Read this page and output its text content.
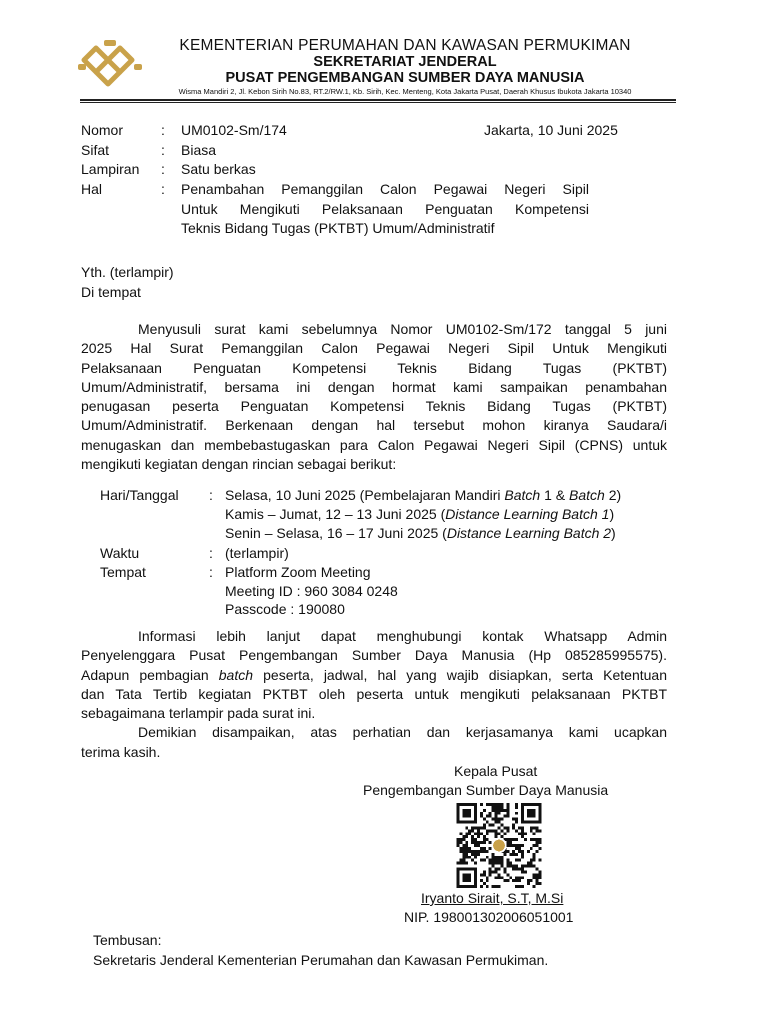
KEMENTERIAN PERUMAHAN DAN KAWASAN PERMUKIMAN
SEKRETARIAT JENDERAL
PUSAT PENGEMBANGAN SUMBER DAYA MANUSIA
Wisma Mandiri 2, Jl. Kebon Sirih No.83, RT.2/RW.1, Kb. Sirih, Kec. Menteng, Kota Jakarta Pusat, Daerah Khusus Ibukota Jakarta 10340
Nomor	: UM0102-Sm/174	Jakarta, 10 Juni 2025
Sifat	: Biasa
Lampiran : Satu berkas
Hal	: Penambahan Pemanggilan Calon Pegawai Negeri Sipil
Untuk Mengikuti Pelaksanaan Penguatan Kompetensi
Teknis Bidang Tugas (PKTBT) Umum/Administratif
Yth. (terlampir)
Di tempat
Menyusuli surat kami sebelumnya Nomor UM0102-Sm/172 tanggal 5 juni
2025 Hal Surat Pemanggilan Calon Pegawai Negeri Sipil Untuk Mengikuti
Pelaksanaan Penguatan Kompetensi Teknis Bidang Tugas (PKTBT)
Umum/Administratif, bersama ini dengan hormat kami sampaikan penambahan
penugasan peserta Penguatan Kompetensi Teknis Bidang Tugas (PKTBT)
Umum/Administratif. Berkenaan dengan hal tersebut mohon kiranya Saudara/i
menugaskan dan membebastugaskan para Calon Pegawai Negeri Sipil (CPNS) untuk
mengikuti kegiatan dengan rincian sebagai berikut:
Hari/Tanggal : Selasa, 10 Juni 2025 (Pembelajaran Mandiri Batch 1 & Batch 2)
Kamis – Jumat, 12 – 13 Juni 2025 (Distance Learning Batch 1)
Senin – Selasa, 16 – 17 Juni 2025 (Distance Learning Batch 2)
Waktu	: (terlampir)
Tempat	: Platform Zoom Meeting
Meeting ID : 960 3084 0248
Passcode : 190080
Informasi lebih lanjut dapat menghubungi kontak Whatsapp Admin
Penyelenggara Pusat Pengembangan Sumber Daya Manusia (Hp 085285995575).
Adapun pembagian batch peserta, jadwal, hal yang wajib disiapkan, serta Ketentuan
dan Tata Tertib kegiatan PKTBT oleh peserta untuk mengikuti pelaksanaan PKTBT
sebagaimana terlampir pada surat ini.
Demikian disampaikan, atas perhatian dan kerjasamanya kami ucapkan
terima kasih.
Kepala Pusat
Pengembangan Sumber Daya Manusia
Iryanto Sirait, S.T, M.Si
NIP. 198001302006051001
Tembusan:
Sekretaris Jenderal Kementerian Perumahan dan Kawasan Permukiman.
